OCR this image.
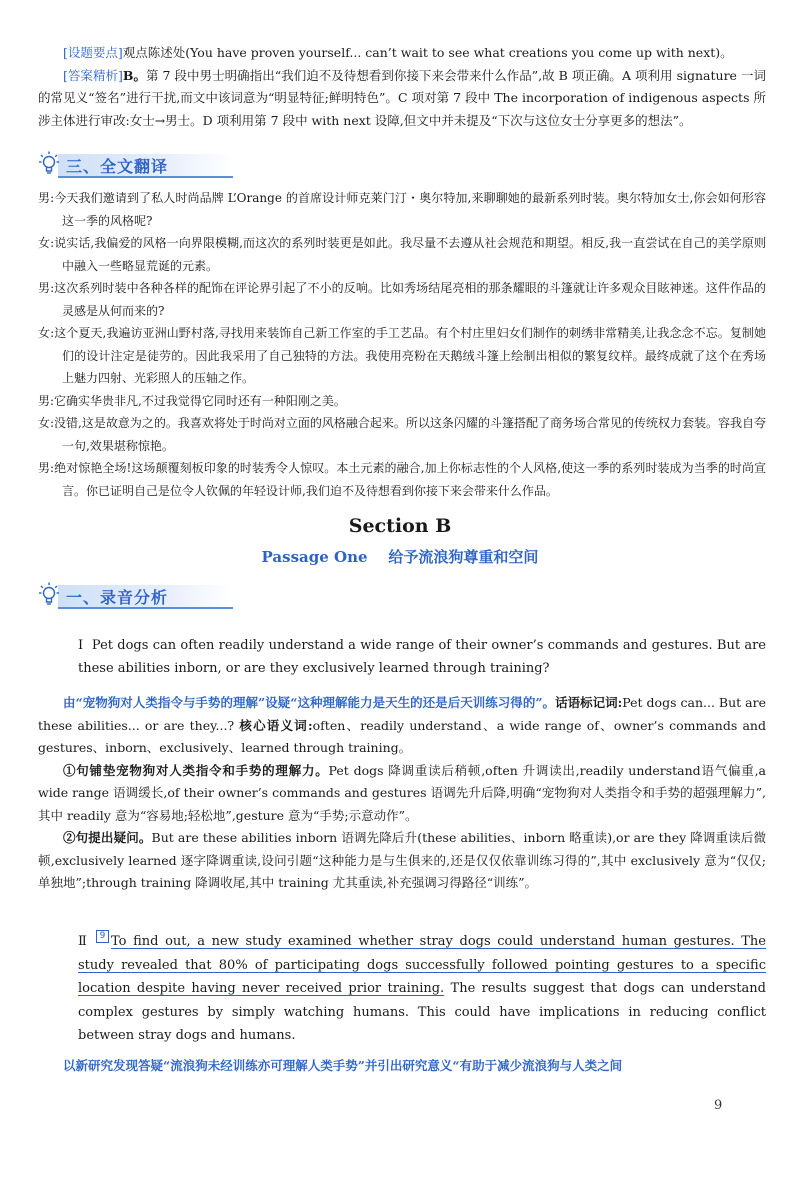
[设题要点]观点陈述处(You have proven yourself... can’t wait to see what creations you come up with next)。

[答案精析]B。第 7 段中男士明确指出“我们迫不及待想看到你接下来会带来什么作品”,故 B 项正确。A 项利用 signature 一词的常见义“签名”进行干扰,而文中该词意为“明显特征;鲜明特色”。C 项对第 7 段中 The incorporation of indigenous aspects 所涉主体进行审改:女士→男士。D 项利用第 7 段中 with next 设障,但文中并未提及“下次与这位女士分享更多的想法”。

三、全文翻译

男:今天我们邀请到了私人时尚品牌 L’Orange 的首席设计师克莱门汀・奥尔特加,来聊聊她的最新系列时装。奥尔特加女士,你会如何形容这一季的风格呢?

女:说实话,我偏爱的风格一向界限模糊,而这次的系列时装更是如此。我尽量不去遵从社会规范和期望。相反,我一直尝试在自己的美学原则中融入一些略显荒诞的元素。

男:这次系列时装中各种各样的配饰在评论界引起了不小的反响。比如秀场结尾亮相的那条耀眼的斗篷就让许多观众目眩神迷。这件作品的灵感是从何而来的?

女:这个夏天,我遍访亚洲山野村落,寻找用来装饰自己新工作室的手工艺品。有个村庄里妇女们制作的刺绣非常精美,让我念念不忘。复制她们的设计注定是徒劳的。因此我采用了自己独特的方法。我使用亮粉在天鹅绒斗篷上绘制出相似的繁复纹样。最终成就了这个在秀场上魅力四射、光彩照人的压轴之作。

男:它确实华贵非凡,不过我觉得它同时还有一种阳刚之美。

女:没错,这是故意为之的。我喜欢将处于时尚对立面的风格融合起来。所以这条闪耀的斗篷搭配了商务场合常见的传统权力套装。容我自夸一句,效果堪称惊艳。

男:绝对惊艳全场!这场颠覆刻板印象的时装秀令人惊叹。本土元素的融合,加上你标志性的个人风格,使这一季的系列时装成为当季的时尚宣言。你已证明自己是位令人钦佩的年轻设计师,我们迫不及待想看到你接下来会带来什么作品。

Section B
Passage One 给予流浪狗尊重和空间
一、录音分析

Ⅰ Pet dogs can often readily understand a wide range of their owner’s commands and gestures. But are these abilities inborn, or are they exclusively learned through training?

由“宠物狗对人类指令与手势的理解”设疑“这种理解能力是天生的还是后天训练习得的”。话语标记词:Pet dogs can... But are these abilities... or are they...? 核心语义词:often、readily understand、a wide range of、owner’s commands and gestures、inborn、exclusively、learned through training。

①句铺垫宠物狗对人类指令和手势的理解力。Pet dogs 降调重读后稍顿,often 升调读出,readily understand语气偏重,a wide range 语调缓长,of their owner’s commands and gestures 语调先升后降,明确“宠物狗对人类指令和手势的超强理解力”,其中 readily 意为“容易地;轻松地”,gesture 意为“手势;示意动作”。

②句提出疑问。But are these abilities inborn 语调先降后升(these abilities、inborn 略重读),or are they 降调重读后微顿,exclusively learned 逐字降调重读,设问引题“这种能力是与生俱来的,还是仅仅依靠训练习得的”,其中 exclusively 意为“仅仅;单独地”;through training 降调收尾,其中 training 尤其重读,补充强调习得路径“训练”。

Ⅱ 9 To find out, a new study examined whether stray dogs could understand human gestures. The study revealed that 80% of participating dogs successfully followed pointing gestures to a specific location despite having never received prior training. The results suggest that dogs can understand complex gestures by simply watching humans. This could have implications in reducing conflict between stray dogs and humans.

以新研究发现答疑“流浪狗未经训练亦可理解人类手势”并引出研究意义“有助于减少流浪狗与人类之间

9
